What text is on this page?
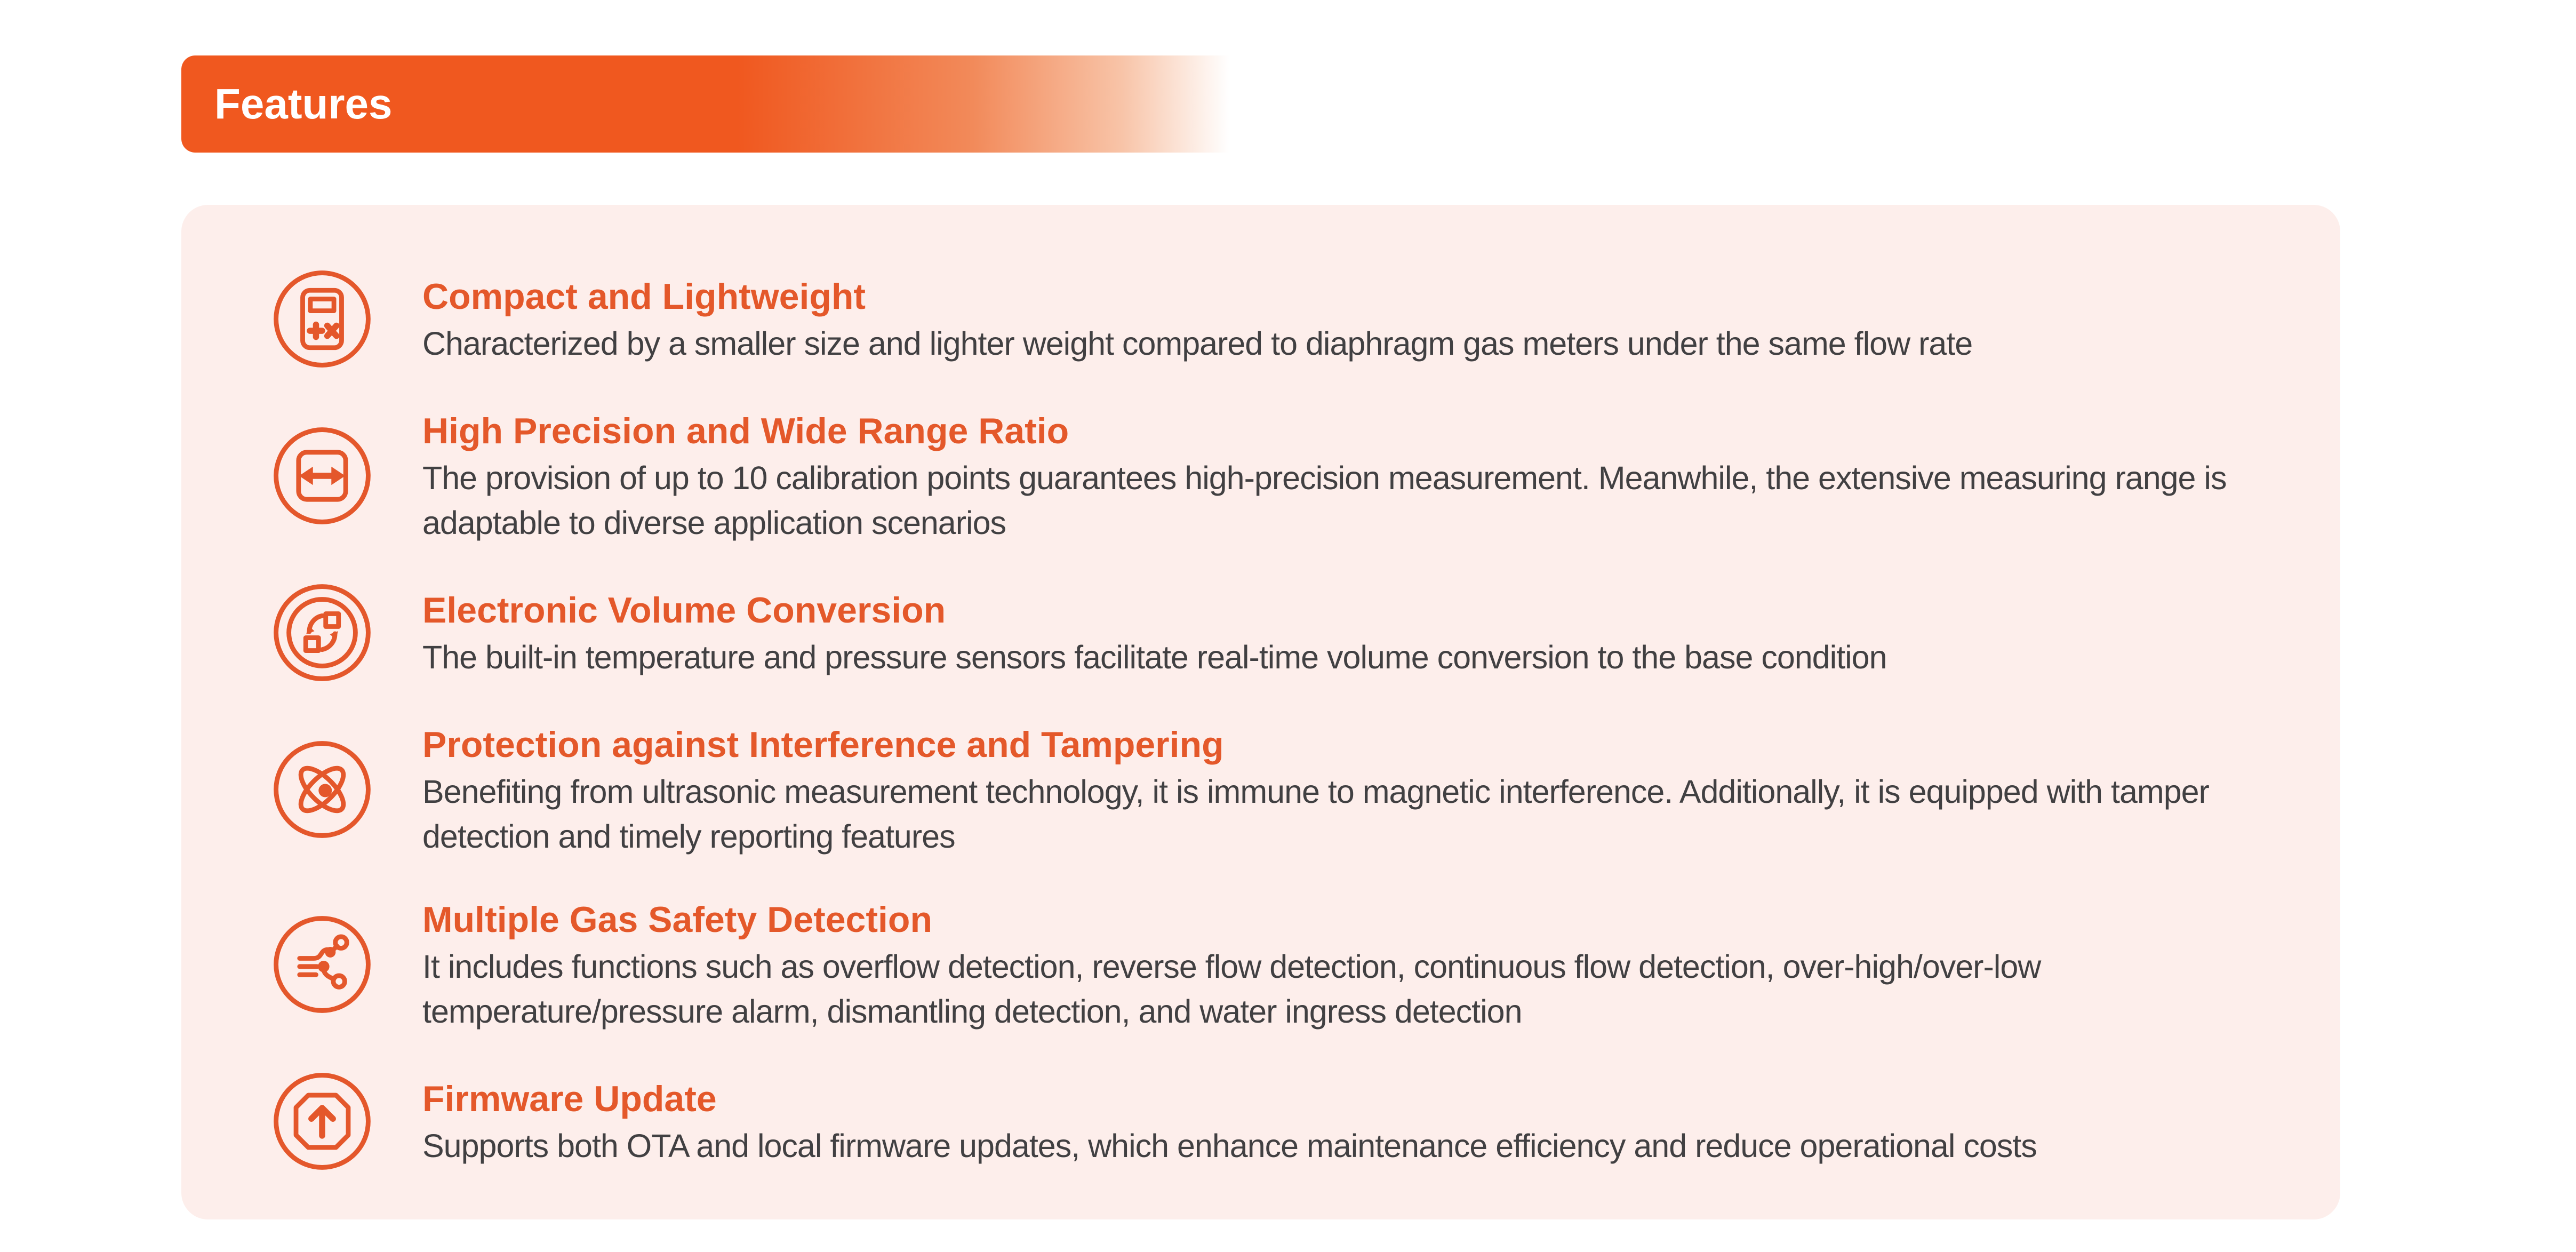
Features
Compact and Lightweight
Characterized by a smaller size and lighter weight compared to diaphragm gas meters under the same flow rate
High Precision and Wide Range Ratio
The provision of up to 10 calibration points guarantees high-precision measurement. Meanwhile, the extensive measuring range is adaptable to diverse application scenarios
Electronic Volume Conversion
The built-in temperature and pressure sensors facilitate real-time volume conversion to the base condition
Protection against Interference and Tampering
Benefiting from ultrasonic measurement technology, it is immune to magnetic interference. Additionally, it is equipped with tamper detection and timely reporting features
Multiple Gas Safety Detection
It includes functions such as overflow detection, reverse flow detection, continuous flow detection, over-high/over-low temperature/pressure alarm, dismantling detection, and water ingress detection
Firmware Update
Supports both OTA and local firmware updates, which enhance maintenance efficiency and reduce operational costs
